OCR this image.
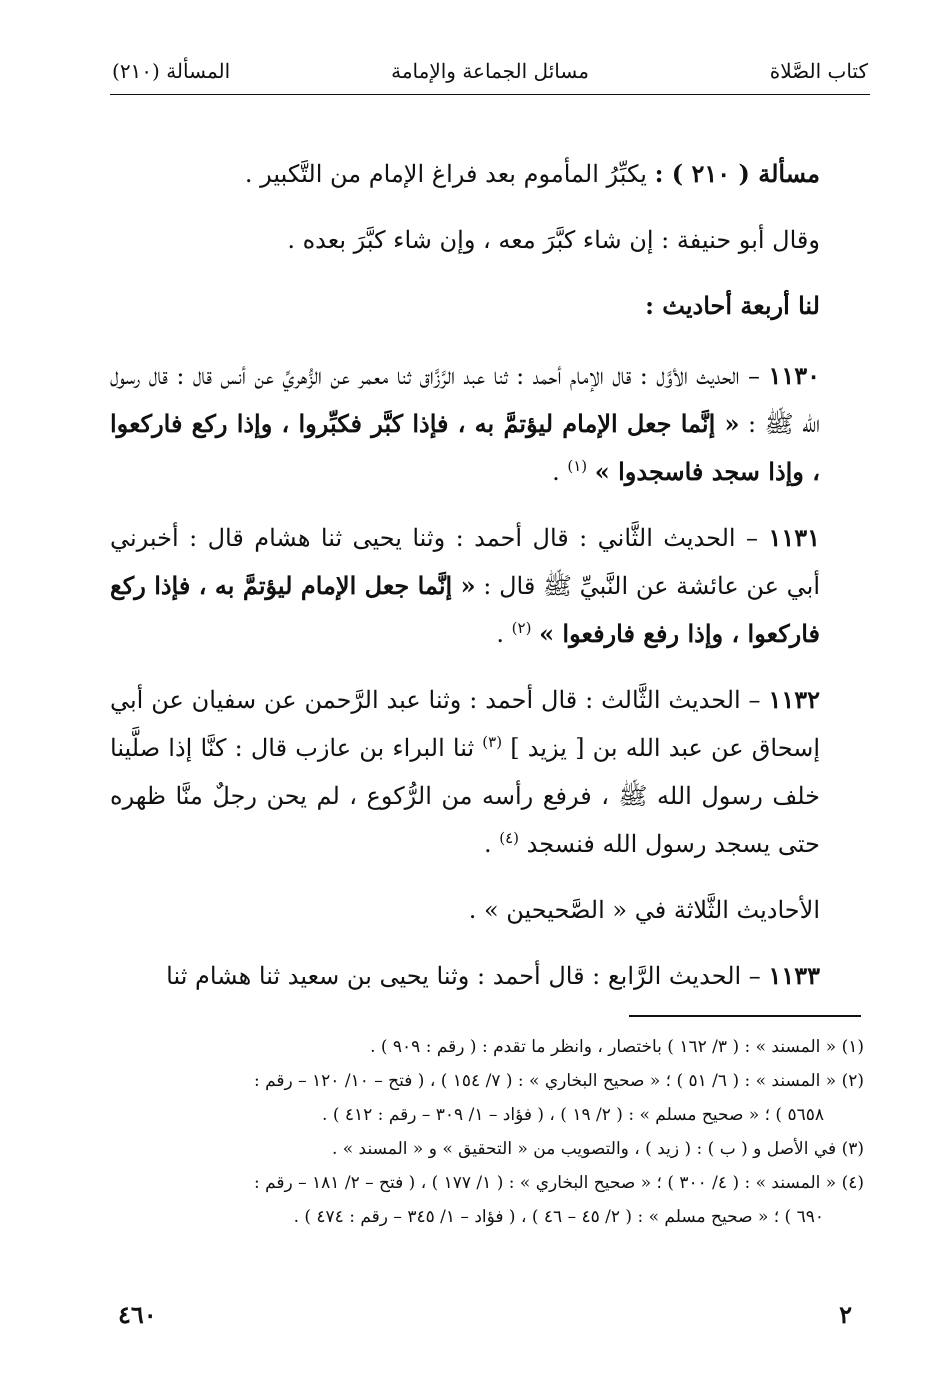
كتاب الصَّلاة
مسائل الجماعة والإمامة
المسألة (٢١٠)

مسألة ( ٢١٠ ) : يكبِّرُ المأموم بعد فراغ الإمام من التَّكبير .

وقال أبو حنيفة : إن شاء كبَّرَ معه ، وإن شاء كبَّرَ بعده .

لنا أربعة أحاديث :

١١٣٠ – الحديث الأوَّل : قال الإمام أحمد : ثنا عبد الرَّزَّاق ثنا معمر عن الزُّهريِّ عن أنس قال : قال رسول الله ﷺ : « إنَّما جعل الإمام ليؤتمَّ به ، فإذا كبَّر فكبِّروا ، وإذا ركع فاركعوا ، وإذا سجد فاسجدوا » $^{(١)}$ .

١١٣١ – الحديث الثَّاني : قال أحمد : وثنا يحيى ثنا هشام قال : أخبرني أبي عن عائشة عن النَّبيِّ ﷺ قال : « إنَّما جعل الإمام ليؤتمَّ به ، فإذا ركع فاركعوا ، وإذا رفع فارفعوا » $^{(٢)}$ .

١١٣٢ – الحديث الثَّالث : قال أحمد : وثنا عبد الرَّحمن عن سفيان عن أبي إسحاق عن عبد الله بن [ يزيد ] $^{(٣)}$ ثنا البراء بن عازب قال : كنَّا إذا صلَّينا خلف رسول الله ﷺ ، فرفع رأسه من الرُّكوع ، لم يحن رجلٌ منَّا ظهره حتى يسجد رسول الله فنسجد $^{(٤)}$ .

الأحاديث الثَّلاثة في « الصَّحيحين » .

١١٣٣ – الحديث الرَّابع : قال أحمد : وثنا يحيى بن سعيد ثنا هشام ثنا

(١) « المسند » : ( ٣/ ١٦٢ ) باختصار ، وانظر ما تقدم : ( رقم : ٩٠٩ ) .

(٢) « المسند » : ( ٦/ ٥١ ) ؛ « صحيح البخاري » : ( ٧/ ١٥٤ ) ، ( فتح – ١٠/ ١٢٠ – رقم :

٥٦٥٨ ) ؛ « صحيح مسلم » : ( ٢/ ١٩ ) ، ( فؤاد – ١/ ٣٠٩ – رقم : ٤١٢ ) .

(٣) في الأصل و ( ب ) : ( زيد ) ، والتصويب من « التحقيق » و « المسند » .

(٤) « المسند » : ( ٤/ ٣٠٠ ) ؛ « صحيح البخاري » : ( ١/ ١٧٧ ) ، ( فتح – ٢/ ١٨١ – رقم :

٦٩٠ ) ؛ « صحيح مسلم » : ( ٢/ ٤٥ – ٤٦ ) ، ( فؤاد – ١/ ٣٤٥ – رقم : ٤٧٤ ) .

٢
٤٦٠
